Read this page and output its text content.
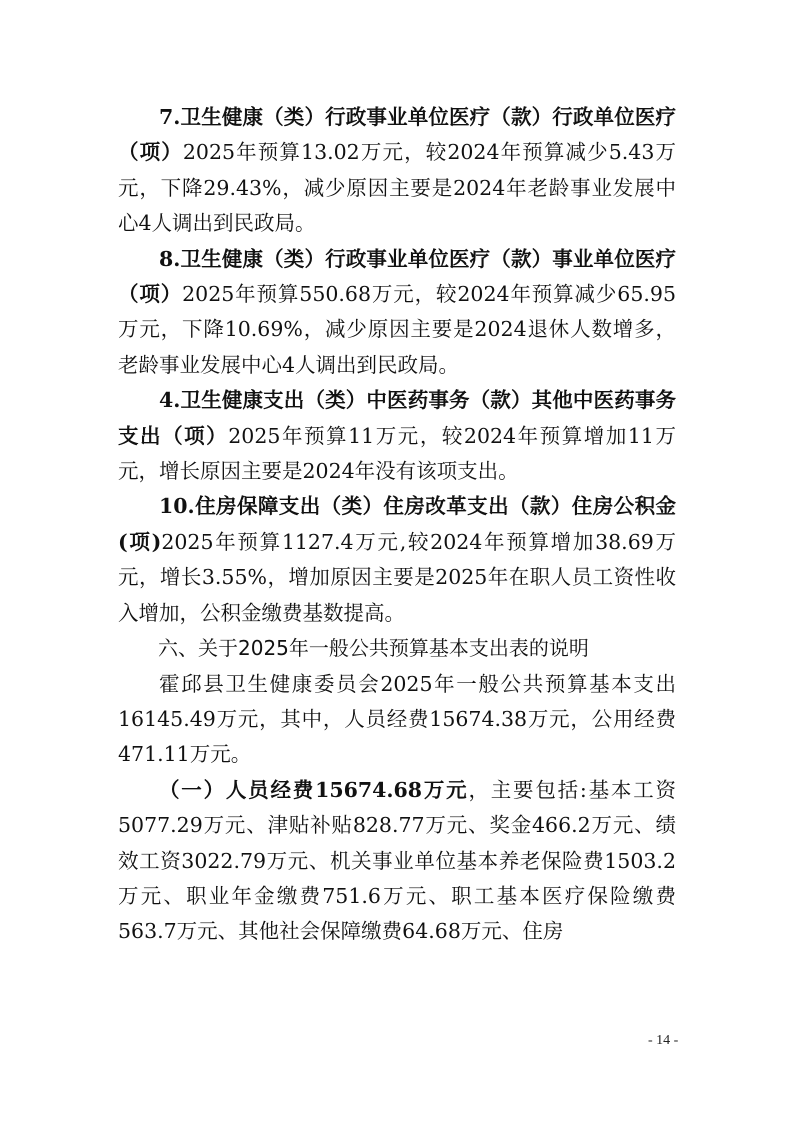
7.卫生健康（类）行政事业单位医疗（款）行政单位医疗（项）2025年预算13.02万元，较2024年预算减少5.43万元，下降29.43%，减少原因主要是2024年老龄事业发展中心4人调出到民政局。

8.卫生健康（类）行政事业单位医疗（款）事业单位医疗（项）2025年预算550.68万元，较2024年预算减少65.95万元，下降10.69%，减少原因主要是2024退休人数增多，老龄事业发展中心4人调出到民政局。

4.卫生健康支出（类）中医药事务（款）其他中医药事务支出（项）2025年预算11万元，较2024年预算增加11万元，增长原因主要是2024年没有该项支出。

10.住房保障支出（类）住房改革支出（款）住房公积金(项)2025年预算1127.4万元,较2024年预算增加38.69万元，增长3.55%，增加原因主要是2025年在职人员工资性收入增加，公积金缴费基数提高。

六、关于2025年一般公共预算基本支出表的说明

霍邱县卫生健康委员会2025年一般公共预算基本支出16145.49万元，其中，人员经费15674.38万元，公用经费471.11万元。

（一）人员经费15674.68万元，主要包括:基本工资5077.29万元、津贴补贴828.77万元、奖金466.2万元、绩效工资3022.79万元、机关事业单位基本养老保险费1503.2万元、职业年金缴费751.6万元、职工基本医疗保险缴费563.7万元、其他社会保障缴费64.68万元、住房

- 14 -
